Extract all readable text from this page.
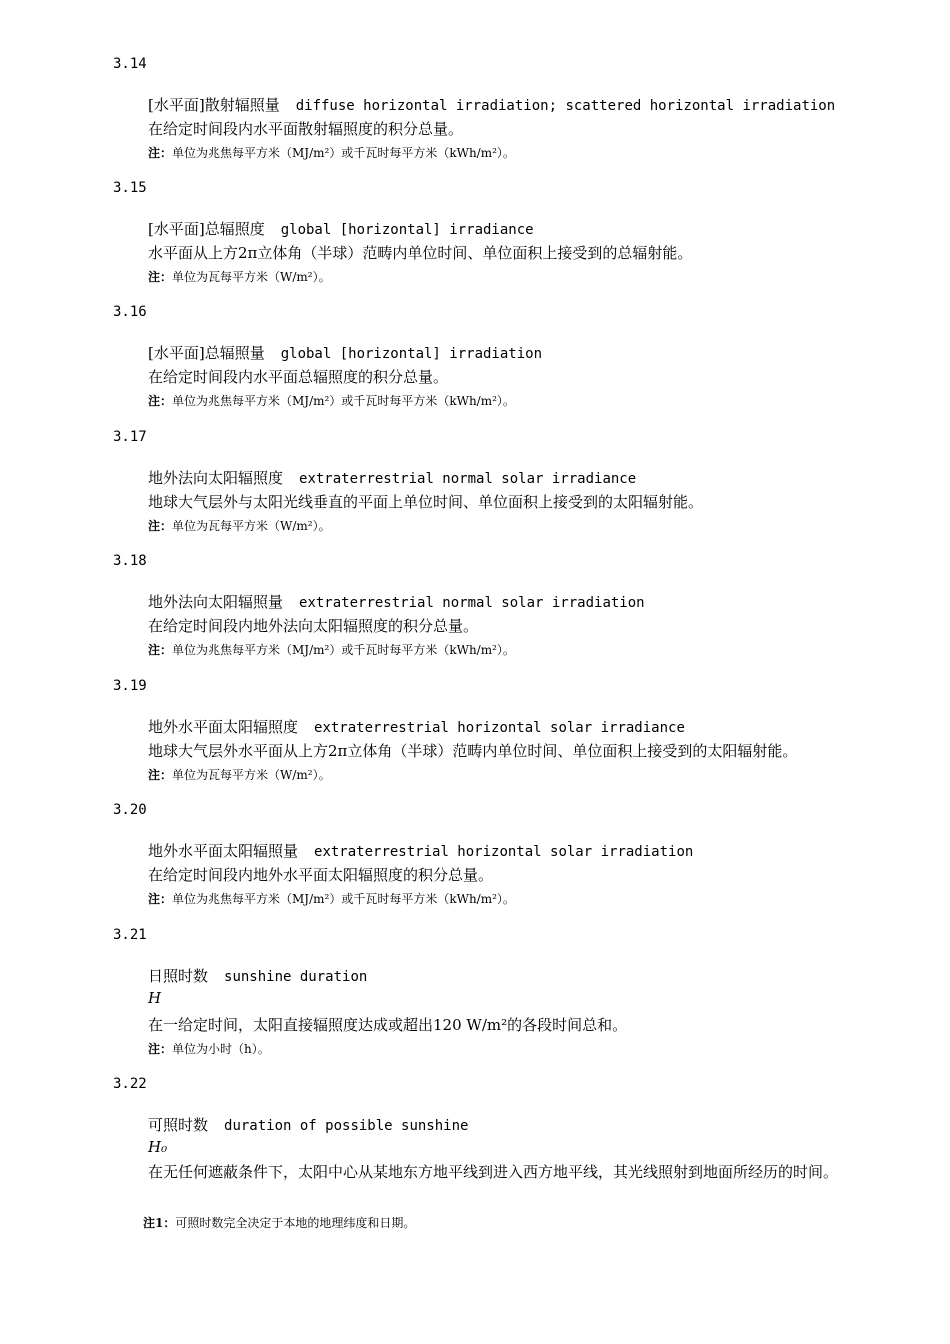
3.14
[水平面]散射辐照量 diffuse horizontal irradiation; scattered horizontal irradiation
在给定时间段内水平面散射辐照度的积分总量。
注：单位为兆焦每平方米（MJ/m²）或千瓦时每平方米（kWh/m²）。
3.15
[水平面]总辐照度 global [horizontal] irradiance
水平面从上方2π立体角（半球）范畴内单位时间、单位面积上接受到的总辐射能。
注：单位为瓦每平方米（W/m²）。
3.16
[水平面]总辐照量 global [horizontal] irradiation
在给定时间段内水平面总辐照度的积分总量。
注：单位为兆焦每平方米（MJ/m²）或千瓦时每平方米（kWh/m²）。
3.17
地外法向太阳辐照度 extraterrestrial normal solar irradiance
地球大气层外与太阳光线垂直的平面上单位时间、单位面积上接受到的太阳辐射能。
注：单位为瓦每平方米（W/m²）。
3.18
地外法向太阳辐照量 extraterrestrial normal solar irradiation
在给定时间段内地外法向太阳辐照度的积分总量。
注：单位为兆焦每平方米（MJ/m²）或千瓦时每平方米（kWh/m²）。
3.19
地外水平面太阳辐照度 extraterrestrial horizontal solar irradiance
地球大气层外水平面从上方2π立体角（半球）范畴内单位时间、单位面积上接受到的太阳辐射能。
注：单位为瓦每平方米（W/m²）。
3.20
地外水平面太阳辐照量 extraterrestrial horizontal solar irradiation
在给定时间段内地外水平面太阳辐照度的积分总量。
注：单位为兆焦每平方米（MJ/m²）或千瓦时每平方米（kWh/m²）。
3.21
日照时数 sunshine duration
H
在一给定时间，太阳直接辐照度达成或超出120 W/m²的各段时间总和。
注：单位为小时（h）。
3.22
可照时数 duration of possible sunshine
H₀
在无任何遮蔽条件下，太阳中心从某地东方地平线到进入西方地平线，其光线照射到地面所经历的时间。
注1：可照时数完全决定于本地的地理纬度和日期。
